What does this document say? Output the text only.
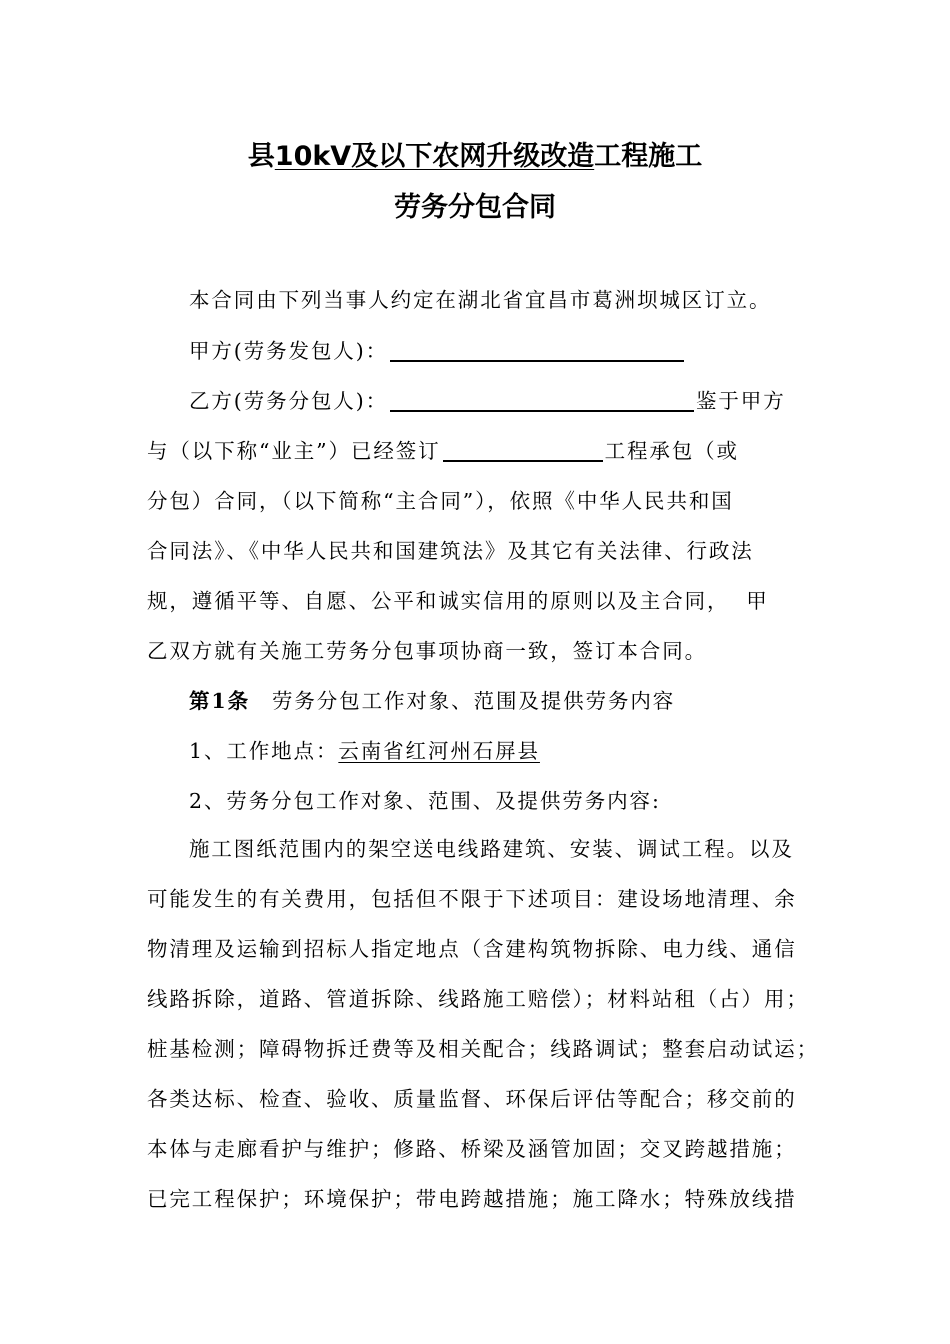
县10kV及以下农网升级改造工程施工
劳务分包合同
本合同由下列当事人约定在湖北省宜昌市葛洲坝城区订立。
甲方(劳务发包人)：
乙方(劳务分包人)：	鉴于甲方
与（以下称“业主”）已经签订	工程承包（或
分包）合同，（以下简称“主合同”），依照《中华人民共和国
合同法》、《中华人民共和国建筑法》及其它有关法律、行政法
规，遵循平等、自愿、公平和诚实信用的原则以及主合同，  甲
乙双方就有关施工劳务分包事项协商一致，签订本合同。
第1条 劳务分包工作对象、范围及提供劳务内容
1、工作地点：云南省红河州石屏县
2、劳务分包工作对象、范围、及提供劳务内容:
施工图纸范围内的架空送电线路建筑、安装、调试工程。以及
可能发生的有关费用，包括但不限于下述项目：建设场地清理、余
物清理及运输到招标人指定地点（含建构筑物拆除、电力线、通信
线路拆除，道路、管道拆除、线路施工赔偿）；材料站租（占）用；
桩基检测；障碍物拆迁费等及相关配合；线路调试；整套启动试运；
各类达标、检查、验收、质量监督、环保后评估等配合；移交前的
本体与走廊看护与维护；修路、桥梁及涵管加固；交叉跨越措施；
已完工程保护；环境保护；带电跨越措施；施工降水；特殊放线措
